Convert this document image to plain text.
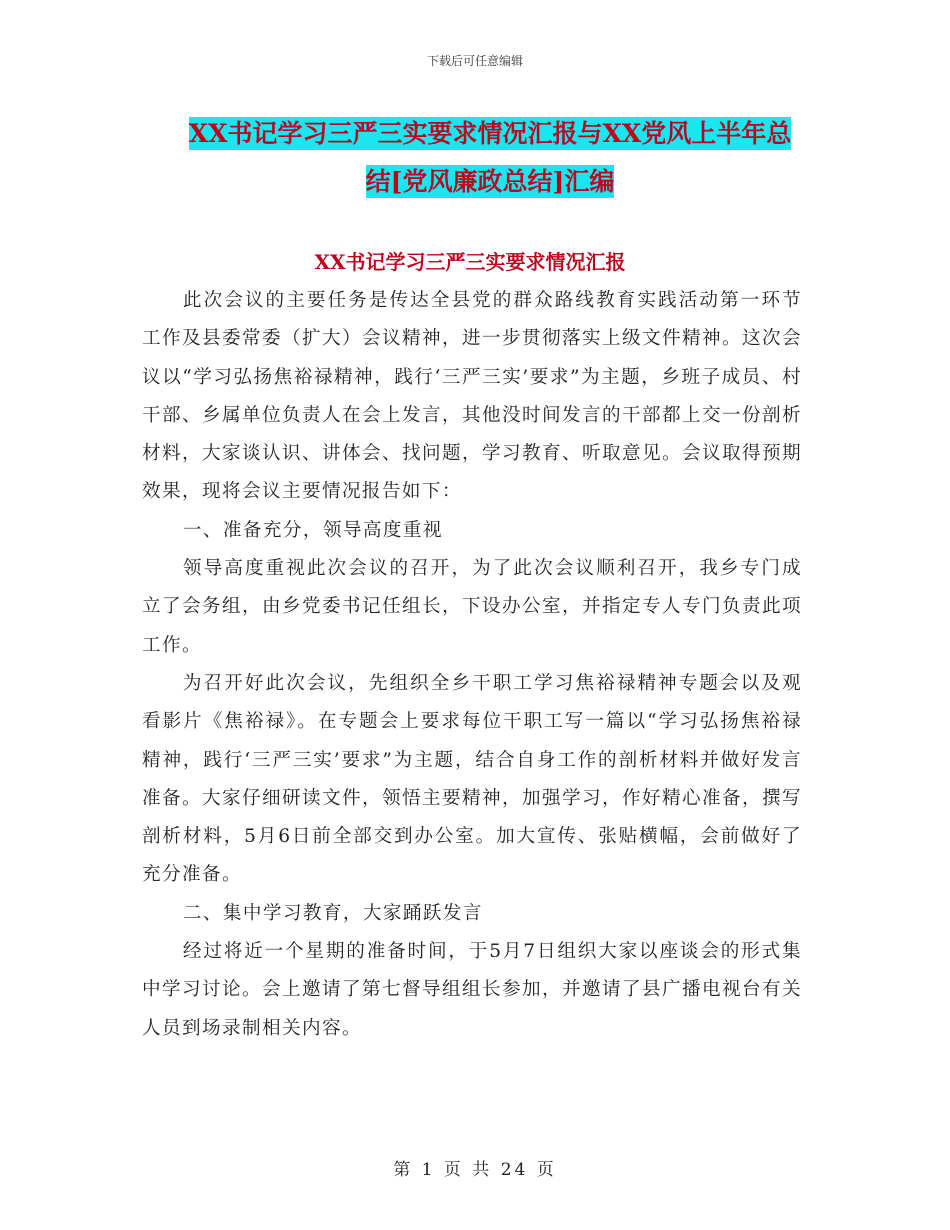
下载后可任意编辑
XX书记学习三严三实要求情况汇报与XX党风上半年总
结[党风廉政总结]汇编
XX书记学习三严三实要求情况汇报

此次会议的主要任务是传达全县党的群众路线教育实践活动第一环节工作及县委常委（扩大）会议精神，进一步贯彻落实上级文件精神。这次会议以“学习弘扬焦裕禄精神，践行‘三严三实’要求”为主题，乡班子成员、村干部、乡属单位负责人在会上发言，其他没时间发言的干部都上交一份剖析材料，大家谈认识、讲体会、找问题，学习教育、听取意见。会议取得预期效果，现将会议主要情况报告如下：

一、准备充分，领导高度重视

领导高度重视此次会议的召开，为了此次会议顺利召开，我乡专门成立了会务组，由乡党委书记任组长，下设办公室，并指定专人专门负责此项工作。

为召开好此次会议，先组织全乡干职工学习焦裕禄精神专题会以及观看影片《焦裕禄》。在专题会上要求每位干职工写一篇以“学习弘扬焦裕禄精神，践行‘三严三实’要求”为主题，结合自身工作的剖析材料并做好发言准备。大家仔细研读文件，领悟主要精神，加强学习，作好精心准备，撰写剖析材料，5月6日前全部交到办公室。加大宣传、张贴横幅，会前做好了充分准备。

二、集中学习教育，大家踊跃发言

经过将近一个星期的准备时间，于5月7日组织大家以座谈会的形式集中学习讨论。会上邀请了第七督导组组长参加，并邀请了县广播电视台有关人员到场录制相关内容。

第 1 页 共 24 页
